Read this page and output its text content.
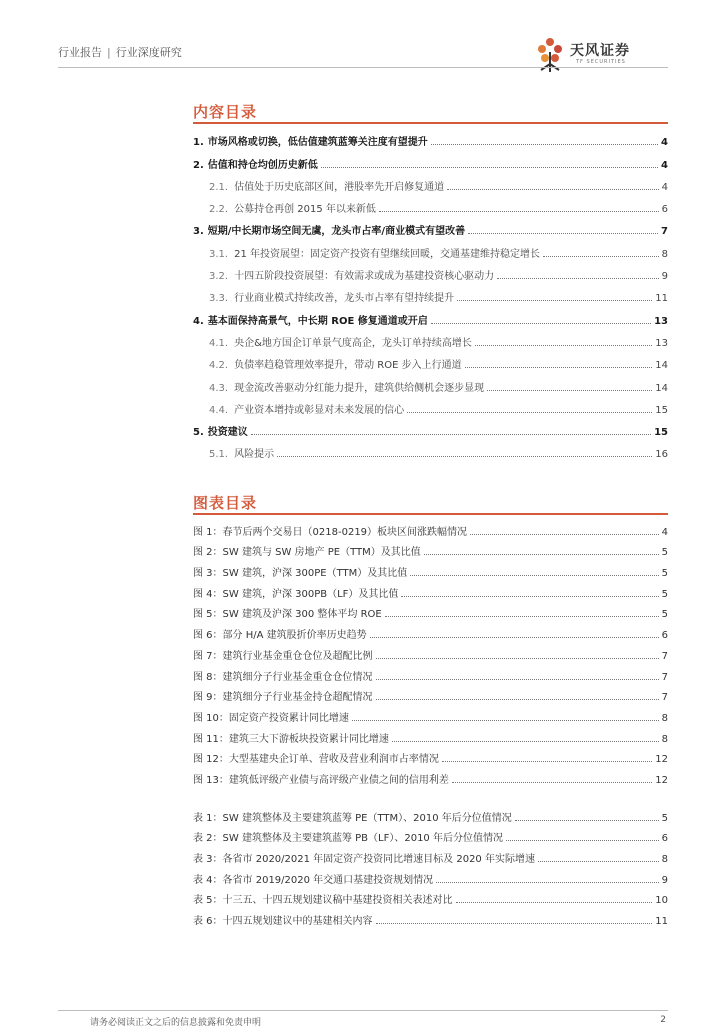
行业报告 | 行业深度研究	天风证券
TF SECURITIES
内容目录
1. 市场风格或切换，低估值建筑蓝筹关注度有望提升	4
2. 估值和持仓均创历史新低	4
2.1. 估值处于历史底部区间，港股率先开启修复通道	4
2.2. 公募持仓再创 2015 年以来新低	6
3. 短期/中长期市场空间无虞，龙头市占率/商业模式有望改善	7
3.1. 21 年投资展望：固定资产投资有望继续回暖，交通基建维持稳定增长	8
3.2. 十四五阶段投资展望：有效需求或成为基建投资核心驱动力	9
3.3. 行业商业模式持续改善，龙头市占率有望持续提升	11
4. 基本面保持高景气，中长期 ROE 修复通道或开启	13
4.1. 央企&地方国企订单景气度高企，龙头订单持续高增长	13
4.2. 负债率趋稳管理效率提升，带动 ROE 步入上行通道	14
4.3. 现金流改善驱动分红能力提升，建筑供给侧机会逐步显现	14
4.4. 产业资本增持或彰显对未来发展的信心	15
5. 投资建议	15
5.1. 风险提示	16
图表目录
图 1：春节后两个交易日（0218-0219）板块区间涨跌幅情况	4
图 2：SW 建筑与 SW 房地产 PE（TTM）及其比值	5
图 3：SW 建筑，沪深 300PE（TTM）及其比值	5
图 4：SW 建筑，沪深 300PB（LF）及其比值	5
图 5：SW 建筑及沪深 300 整体平均 ROE	5
图 6：部分 H/A 建筑股折价率历史趋势	6
图 7：建筑行业基金重仓仓位及超配比例	7
图 8：建筑细分子行业基金重仓仓位情况	7
图 9：建筑细分子行业基金持仓超配情况	7
图 10：固定资产投资累计同比增速	8
图 11：建筑三大下游板块投资累计同比增速	8
图 12：大型基建央企订单、营收及营业利润市占率情况	12
图 13：建筑低评级产业债与高评级产业债之间的信用利差	12
表 1：SW 建筑整体及主要建筑蓝筹 PE（TTM）、2010 年后分位值情况	5
表 2：SW 建筑整体及主要建筑蓝筹 PB（LF）、2010 年后分位值情况	6
表 3：各省市 2020/2021 年固定资产投资同比增速目标及 2020 年实际增速	8
表 4：各省市 2019/2020 年交通口基建投资规划情况	9
表 5：十三五、十四五规划建议稿中基建投资相关表述对比	10
表 6：十四五规划建议中的基建相关内容	11
请务必阅读正文之后的信息披露和免责申明	2
